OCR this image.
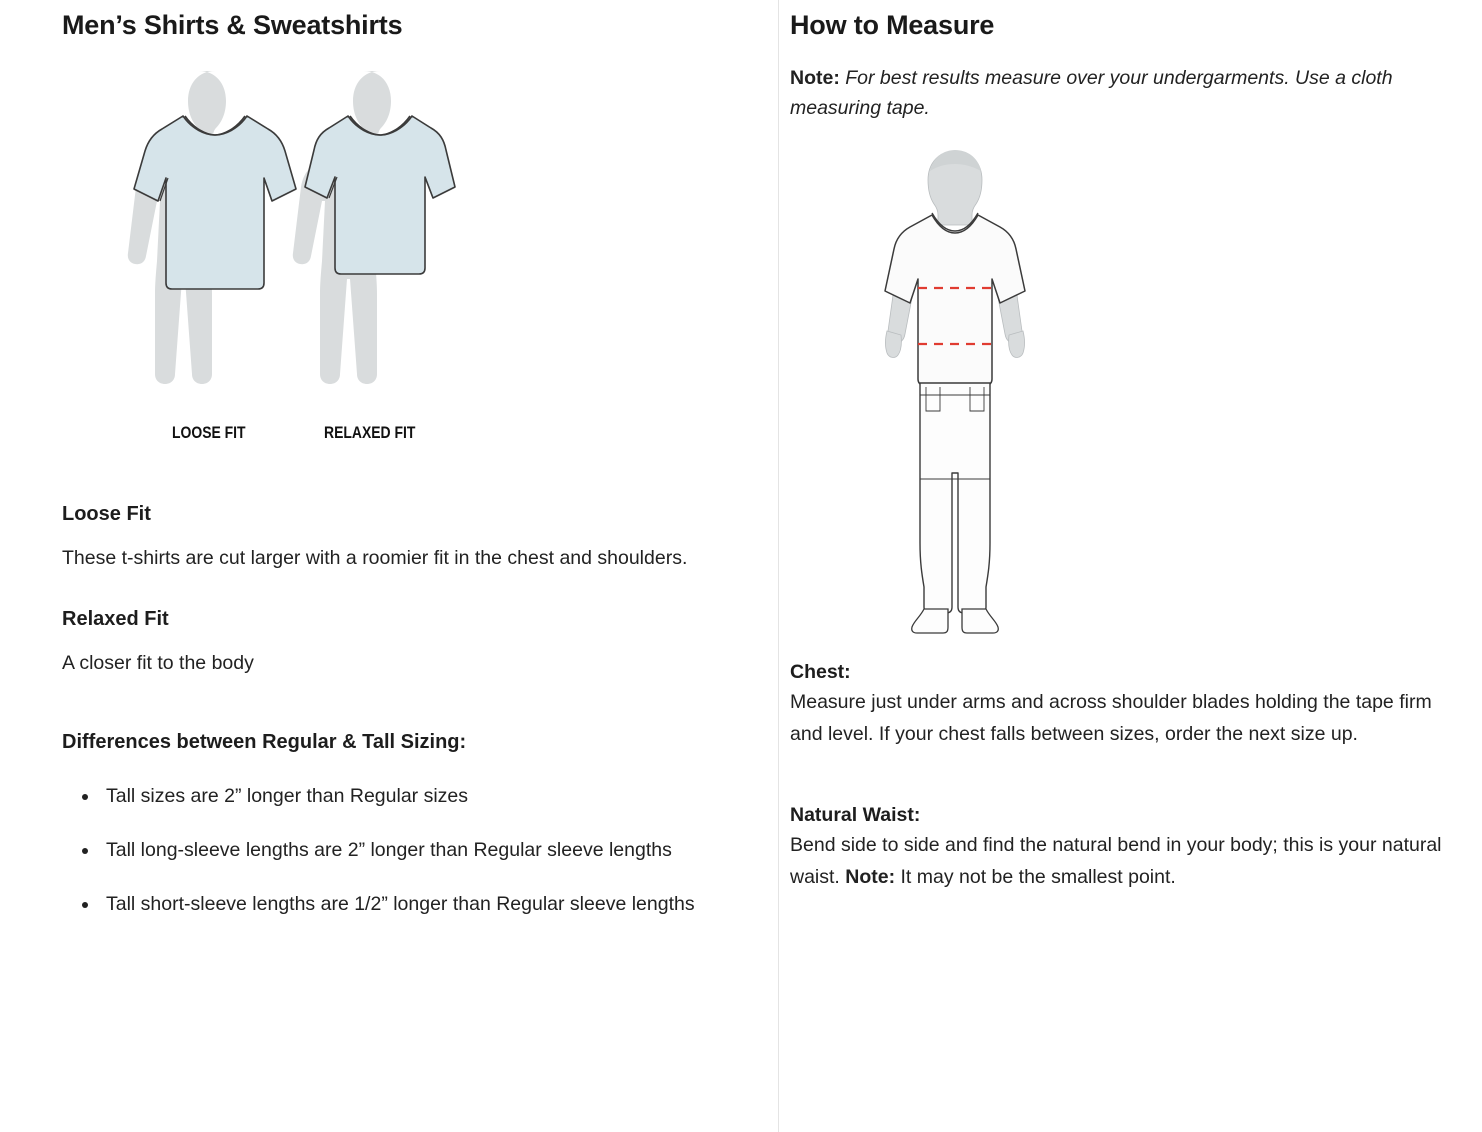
Men’s Shirts & Sweatshirts
LOOSE FIT	RELAXED FIT
Loose Fit

These t-shirts are cut larger with a roomier fit in the chest and shoulders.

Relaxed Fit

A closer fit to the body

Differences between Regular & Tall Sizing:
• Tall sizes are 2” longer than Regular sizes
• Tall long-sleeve lengths are 2” longer than Regular sleeve lengths
• Tall short-sleeve lengths are 1/2” longer than Regular sleeve lengths
How to Measure

Note: For best results measure over your undergarments. Use a cloth measuring tape.

Chest:

Measure just under arms and across shoulder blades holding the tape firm and level. If your chest falls between sizes, order the next size up.

Natural Waist:

Bend side to side and find the natural bend in your body; this is your natural waist. Note: It may not be the smallest point.
